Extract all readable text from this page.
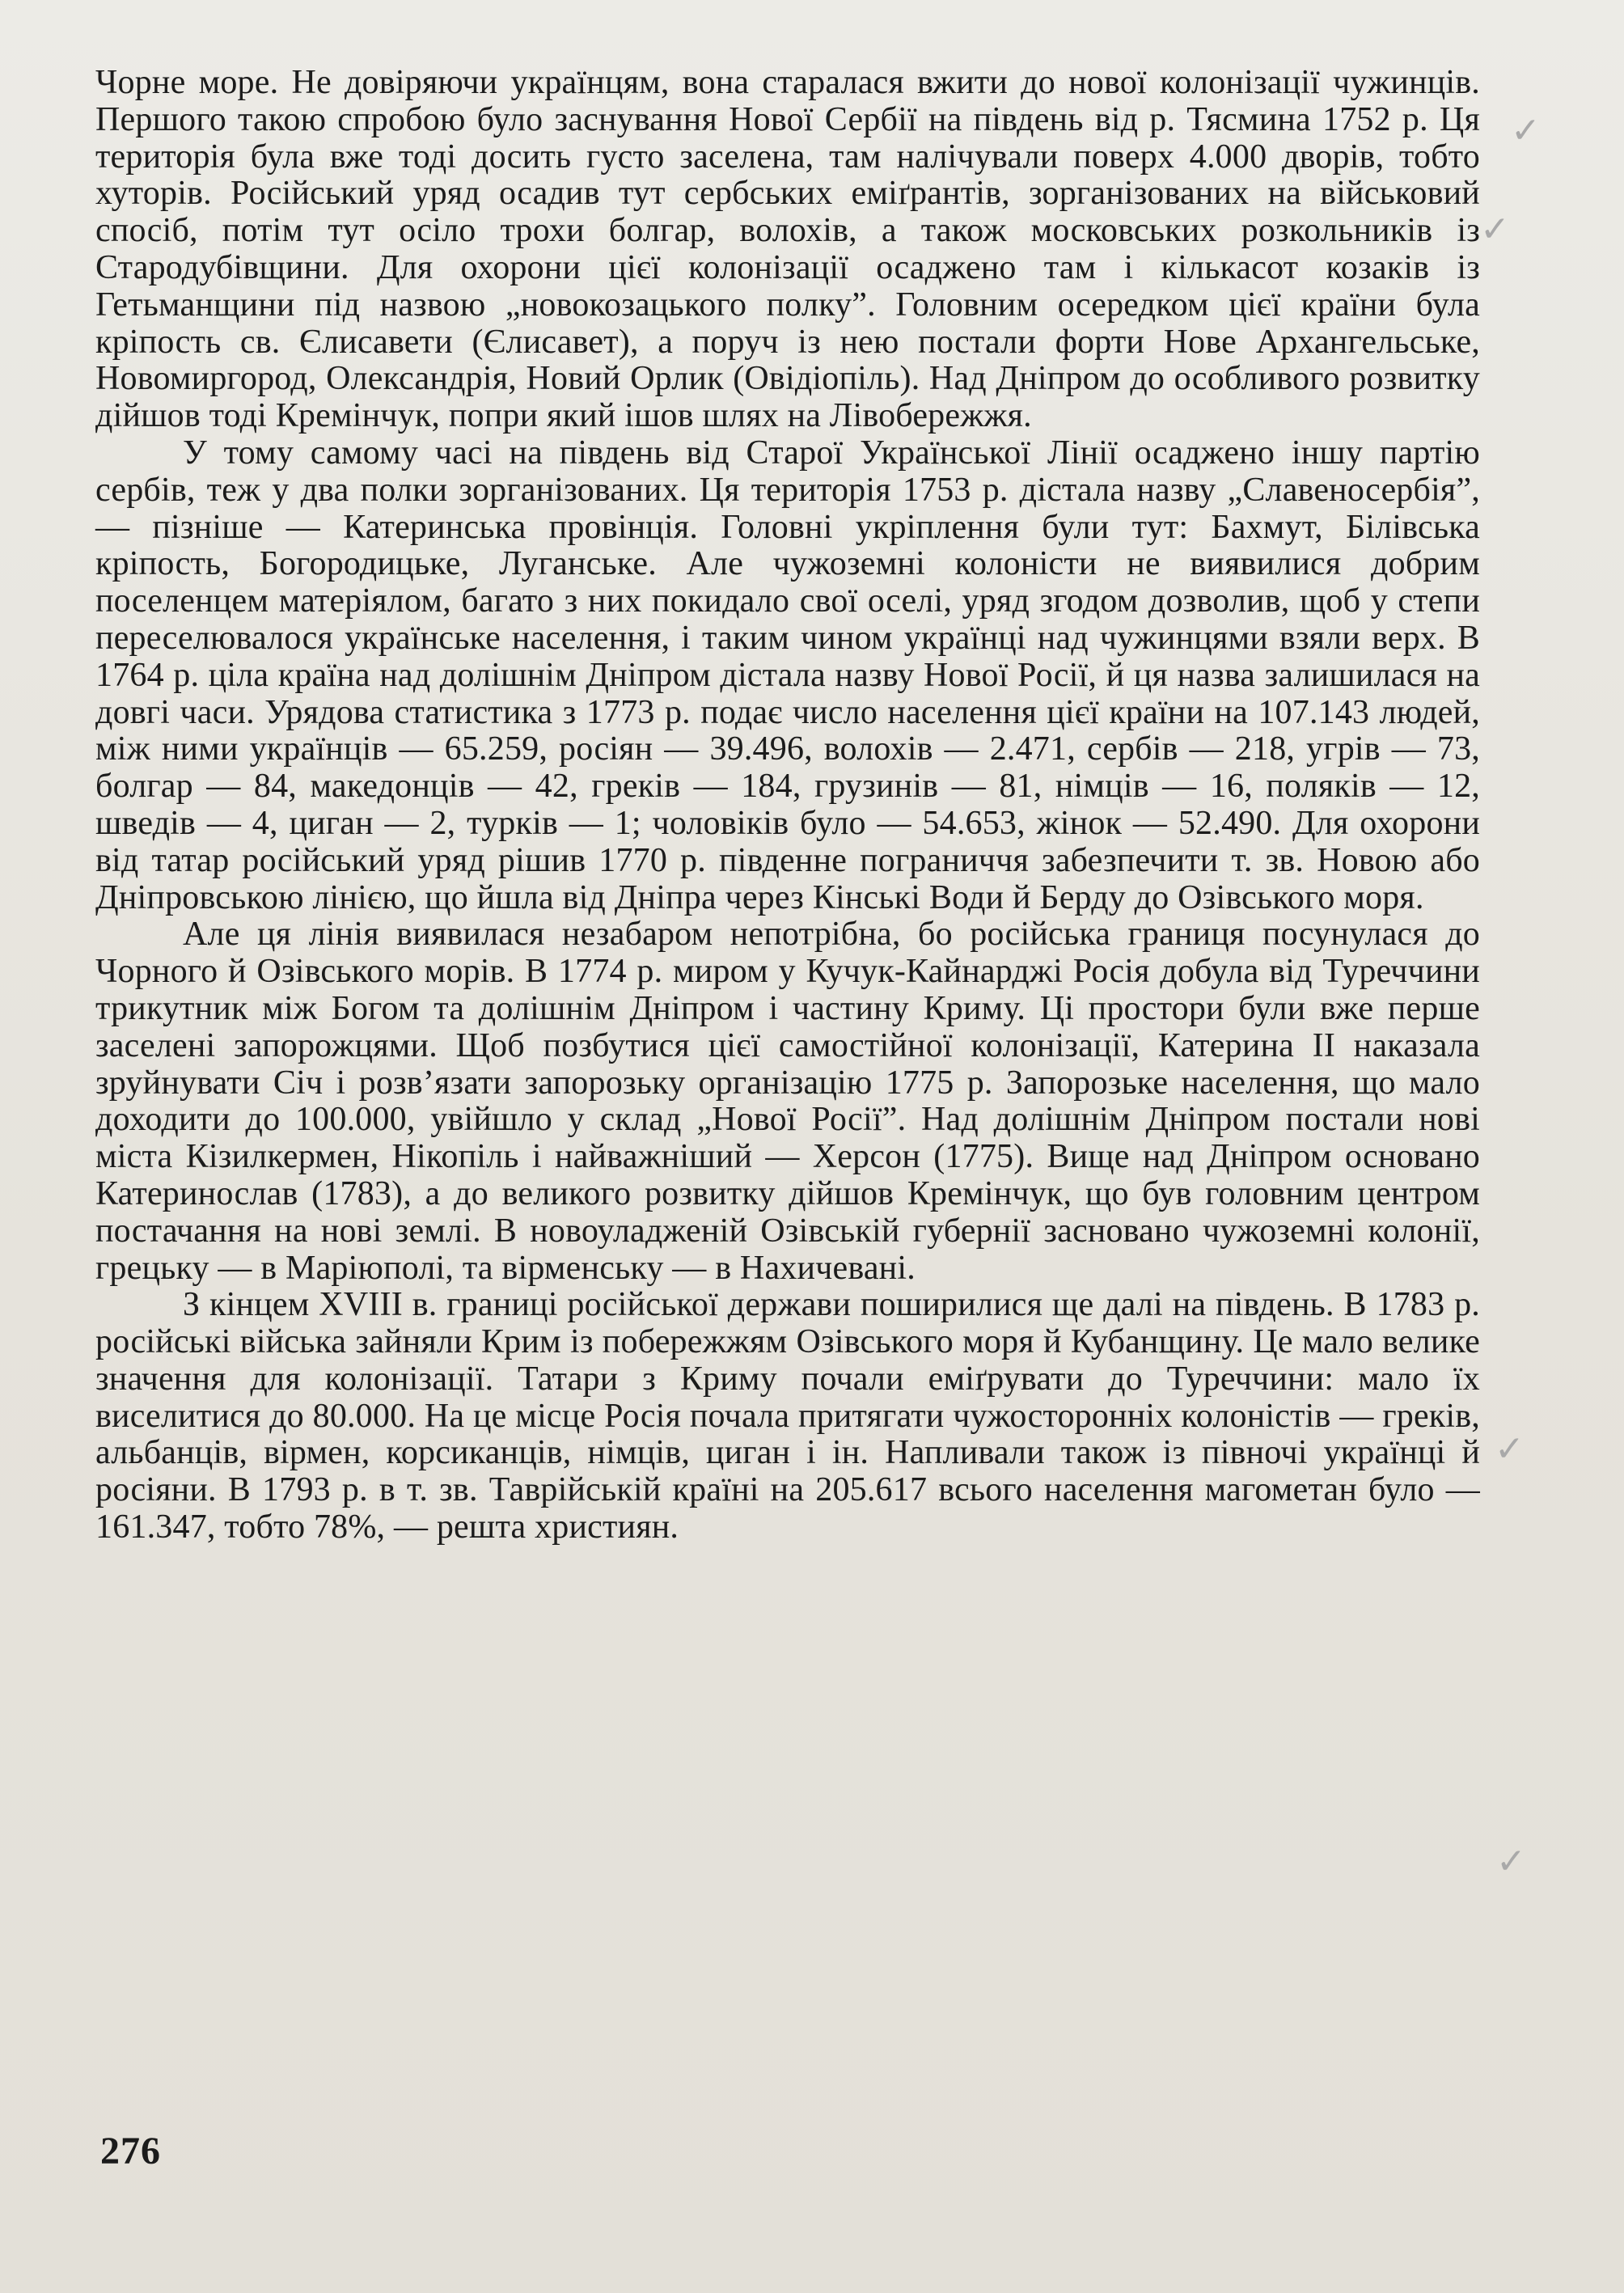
Чорне море. Не довіряючи українцям, вона старалася вжити до нової колонізації чужинців. Першого такою спробою було заснування Нової Сербії на південь від р. Тясмина 1752 р. Ця територія була вже тоді досить густо заселена, там налічували поверх 4.000 дворів, тобто хуторів. Російський уряд осадив тут сербських еміґрантів, зорганізованих на військовий спосіб, потім тут осіло трохи болгар, волохів, а також московських розкольників із Стародубівщини. Для охорони цієї колонізації осаджено там і кількасот козаків із Гетьманщини під назвою „новокозацького полку”. Головним осередком цієї країни була кріпость св. Єлисавети (Єлисавет), а поруч із нею постали форти Нове Архангельське, Новомиргород, Олександрія, Новий Орлик (Овідіопіль). Над Дніпром до особливого розвитку дійшов тоді Кремінчук, попри який ішов шлях на Лівобережжя.

У тому самому часі на південь від Старої Української Лінії осаджено іншу партію сербів, теж у два полки зорганізованих. Ця територія 1753 р. дістала назву „Славеносербія”, — пізніше — Катеринська провінція. Головні укріплення були тут: Бахмут, Білівська кріпость, Богородицьке, Луганське. Але чужоземні колоністи не виявилися добрим поселенцем матеріялом, багато з них покидало свої оселі, уряд згодом дозволив, щоб у степи переселювалося українське населення, і таким чином українці над чужинцями взяли верх. В 1764 р. ціла країна над долішнім Дніпром дістала назву Нової Росії, й ця назва залишилася на довгі часи. Урядова статистика з 1773 р. подає число населення цієї країни на 107.143 людей, між ними українців — 65.259, росіян — 39.496, волохів — 2.471, сербів — 218, угрів — 73, болгар — 84, македонців — 42, греків — 184, грузинів — 81, німців — 16, поляків — 12, шведів — 4, циган — 2, турків — 1; чоловіків було — 54.653, жінок — 52.490. Для охорони від татар російський уряд рішив 1770 р. південне пограниччя забезпечити т. зв. Новою або Дніпровською лінією, що йшла від Дніпра через Кінські Води й Берду до Озівського моря.

Але ця лінія виявилася незабаром непотрібна, бо російська границя посунулася до Чорного й Озівського морів. В 1774 р. миром у Кучук-Кайнарджі Росія добула від Туреччини трикутник між Богом та долішнім Дніпром і частину Криму. Ці простори були вже перше заселені запорожцями. Щоб позбутися цієї самостійної колонізації, Катерина II наказала зруйнувати Січ і розв’язати запорозьку організацію 1775 р. Запорозьке населення, що мало доходити до 100.000, увійшло у склад „Нової Росії”. Над долішнім Дніпром постали нові міста Кізилкермен, Нікопіль і найважніший — Херсон (1775). Вище над Дніпром основано Катеринослав (1783), а до великого розвитку дійшов Кремінчук, що був головним центром постачання на нові землі. В новоуладженій Озівській губернії засновано чужоземні колонії, грецьку — в Маріюполі, та вірменську — в Нахичевані.

З кінцем XVIII в. границі російської держави поширилися ще далі на південь. В 1783 р. російські війська зайняли Крим із побережжям Озівського моря й Кубанщину. Це мало велике значення для колонізації. Татари з Криму почали еміґрувати до Туреччини: мало їх виселитися до 80.000. На це місце Росія почала притягати чужосторонніх колоністів — греків, альбанців, вірмен, корсиканців, німців, циган і ін. Напливали також із півночі українці й росіяни. В 1793 р. в т. зв. Таврійській країні на 205.617 всього населення магометан було — 161.347, тобто 78%, — решта християн.

✓
✓
✓
✓
276
